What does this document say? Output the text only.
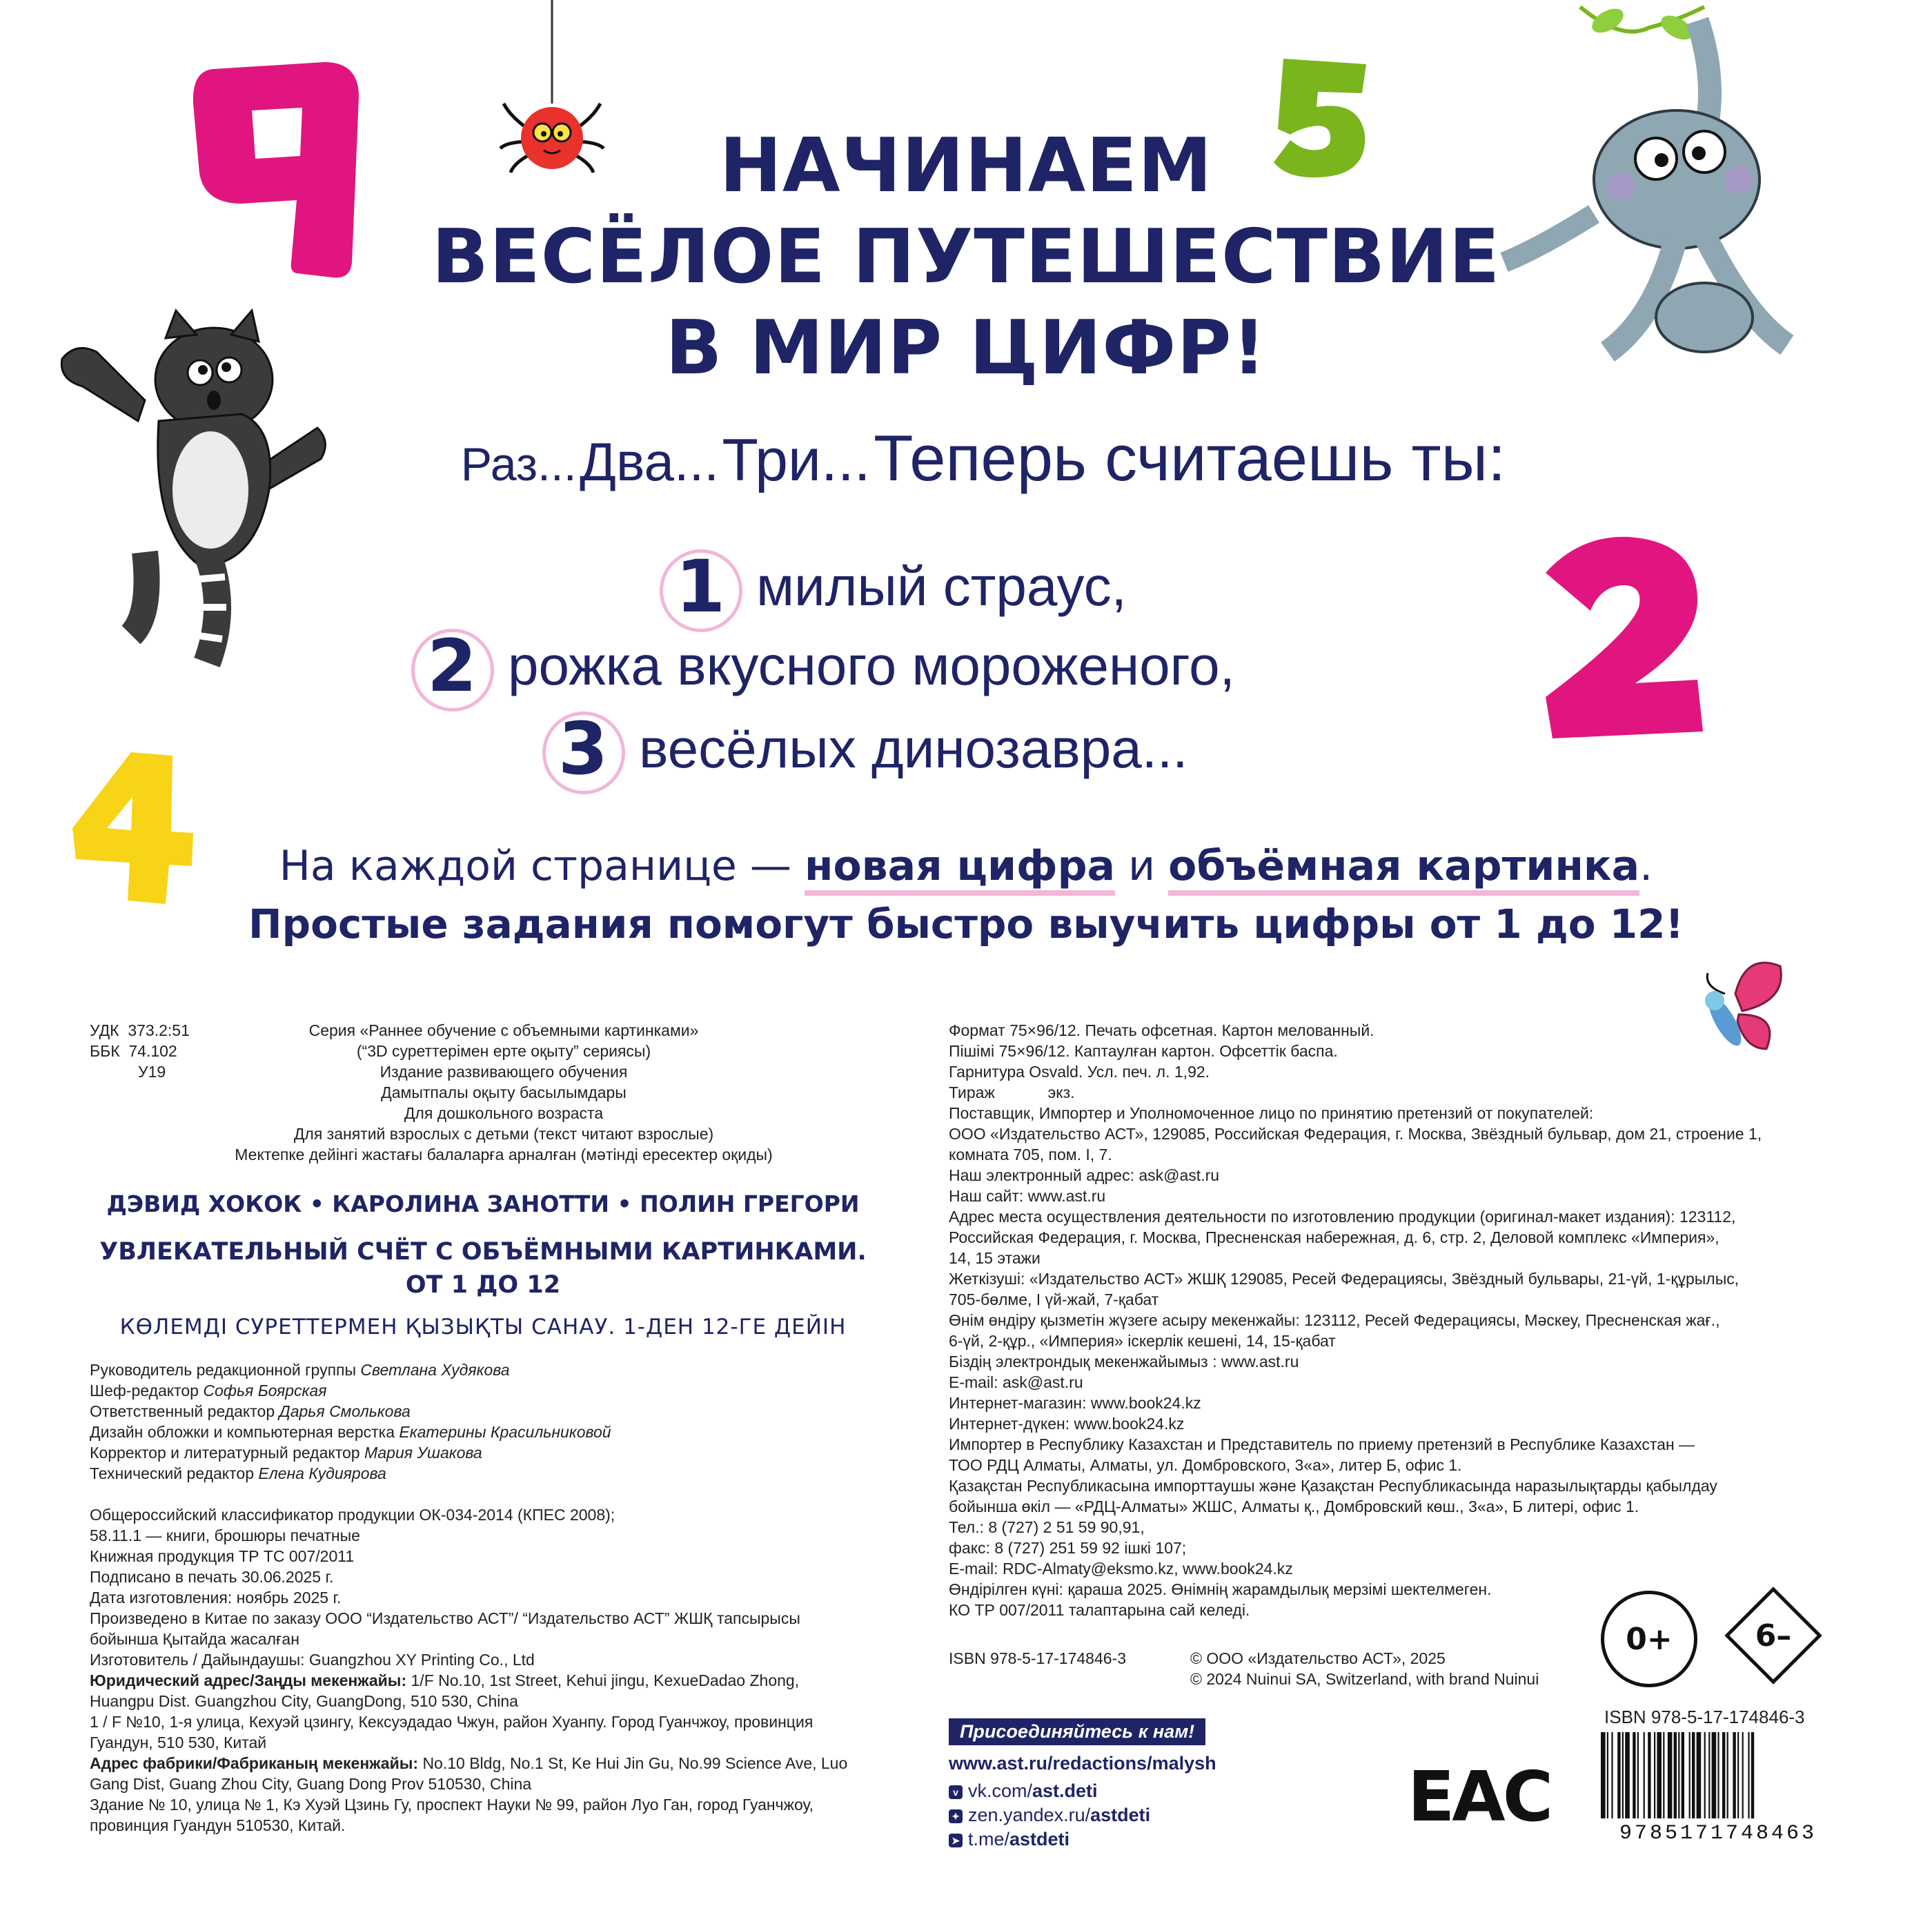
НАЧИНАЕМ
ВЕСЁЛОЕ ПУТЕШЕСТВИЕ
В МИР ЦИФР!
Раз... Два... Три... Теперь считаешь ты:
1 милый страус,
2 рожка вкусного мороженого,
3 весёлых динозавра...
На каждой странице — новая цифра и объёмная картинка.
Простые задания помогут быстро выучить цифры от 1 до 12!
УДК 373.2:51
ББК 74.102
У19
Серия «Раннее обучение с объемными картинками»
(“3D суреттерімен ерте оқыту” сериясы)
Издание развивающего обучения
Дамытпалы оқыту басылымдары
Для дошкольного возраста
Для занятий взрослых с детьми (текст читают взрослые)
Мектепке дейінгі жастағы балаларға арналған (мәтінді ересектер оқиды)
ДЭВИД ХОКОК • КАРОЛИНА ЗАНОТТИ • ПОЛИН ГРЕГОРИ
УВЛЕКАТЕЛЬНЫЙ СЧЁТ С ОБЪЁМНЫМИ КАРТИНКАМИ.
ОТ 1 ДО 12
КӨЛЕМДІ СУРЕТТЕРМЕН ҚЫЗЫҚТЫ САНАУ. 1-ДЕН 12-ГЕ ДЕЙІН
Руководитель редакционной группы Светлана Худякова
Шеф-редактор Софья Боярская
Ответственный редактор Дарья Смолькова
Дизайн обложки и компьютерная верстка Екатерины Красильниковой
Корректор и литературный редактор Мария Ушакова
Технический редактор Елена Кудиярова
Общероссийский классификатор продукции ОК-034-2014 (КПЕС 2008);
58.11.1 — книги, брошюры печатные
Книжная продукция ТР ТС 007/2011
Подписано в печать 30.06.2025 г.
Дата изготовления: ноябрь 2025 г.
Произведено в Китае по заказу ООО “Издательство АСТ”/ “Издательство АСТ” ЖШҚ тапсырысы
бойынша Қытайда жасалған
Изготовитель / Дайындаушы: Guangzhou XY Printing Co., Ltd
Юридический адрес/Заңды мекенжайы: 1/F No.10, 1st Street, Kehui jingu, KexueDadao Zhong,
Huangpu Dist. Guangzhou City, GuangDong, 510 530, China
1 / F №10, 1-я улица, Кехуэй цзингу, Кексуэдадао Чжун, район Хуанпу. Город Гуанчжоу, провинция
Гуандун, 510 530, Китай
Адрес фабрики/Фабриканың мекенжайы: No.10 Bldg, No.1 St, Ke Hui Jin Gu, No.99 Science Ave, Luo
Gang Dist, Guang Zhou City, Guang Dong Prov 510530, China
Здание № 10, улица № 1, Кэ Хуэй Цзинь Гу, проспект Науки № 99, район Луо Ган, город Гуанчжоу,
провинция Гуандун 510530, Китай.
Формат 75×96/12. Печать офсетная. Картон мелованный.
Пішімі 75×96/12. Каптаулған картон. Офсеттік баспа.
Гарнитура Osvald. Усл. печ. л. 1,92.
Тираж            экз.
Поставщик, Импортер и Уполномоченное лицо по принятию претензий от покупателей:
ООО «Издательство АСТ», 129085, Российская Федерация, г. Москва, Звёздный бульвар, дом 21, строение 1,
комната 705, пом. I, 7.
Наш электронный адрес: ask@ast.ru
Наш сайт: www.ast.ru
Адрес места осуществления деятельности по изготовлению продукции (оригинал-макет издания): 123112,
Российская Федерация, г. Москва, Пресненская набережная, д. 6, стр. 2, Деловой комплекс «Империя»,
14, 15 этажи
Жеткізуші: «Издательство АСТ» ЖШҚ 129085, Ресей Федерациясы, Звёздный бульвары, 21-үй, 1-құрылыс,
705-бөлме, I үй-жай, 7-қабат
Өнім өндіру қызметін жүзеге асыру мекенжайы: 123112, Ресей Федерациясы, Мәскеу, Пресненская жағ.,
6-үй, 2-құр., «Империя» іскерлік кешені, 14, 15-қабат
Біздің электрондық мекенжайымыз : www.ast.ru
E-mail: ask@ast.ru
Интернет-магазин: www.book24.kz
Интернет-дүкен: www.book24.kz
Импортер в Республику Казахстан и Представитель по приему претензий в Республике Казахстан —
ТОО РДЦ Алматы, Алматы, ул. Домбровского, 3«а», литер Б, офис 1.
Қазақстан Республикасына импорттаушы және Қазақстан Республикасында наразылықтарды қабылдау
бойынша өкіл — «РДЦ-Алматы» ЖШС, Алматы қ., Домбровский көш., 3«а», Б литері, офис 1.
Тел.: 8 (727) 2 51 59 90,91,
факс: 8 (727) 251 59 92 ішкі 107;
E-mail: RDC-Almaty@eksmo.kz, www.book24.kz
Өндірілген күні: қараша 2025. Өнімнің жарамдылық мерзімі шектелмеген.
КО ТР 007/2011 талаптарына сай келеді.
ISBN 978-5-17-174846-3	© ООО «Издательство АСТ», 2025
© 2024 Nuinui SA, Switzerland, with brand Nuinui
0+	6–
Присоединяйтесь к нам!
www.ast.ru/redactions/malysh
v vk.com/ast.deti
✦ zen.yandex.ru/astdeti
➤ t.me/astdeti
EAC
ISBN 978-5-17-174846-3
9785171748463
